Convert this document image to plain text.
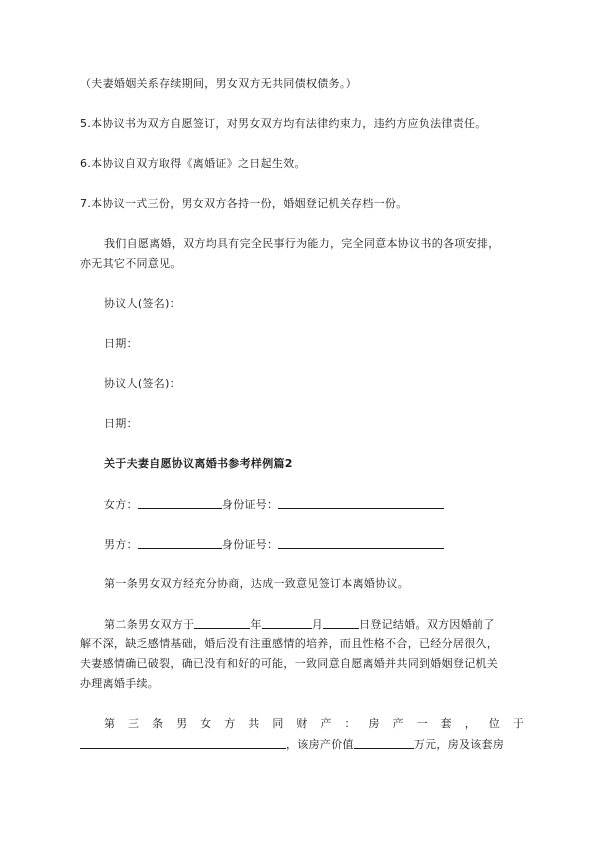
（夫妻婚姻关系存续期间，男女双方无共同债权债务。）

5.本协议书为双方自愿签订，对男女双方均有法律约束力，违约方应负法律责任。

6.本协议自双方取得《离婚证》之日起生效。

7.本协议一式三份，男女双方各持一份，婚姻登记机关存档一份。

我们自愿离婚，双方均具有完全民事行为能力，完全同意本协议书的各项安排，

亦无其它不同意见。

协议人(签名)：

日期：

协议人(签名)：

日期：

关于夫妻自愿协议离婚书参考样例篇2

女方：	身份证号：

男方：	身份证号：

第一条男女双方经充分协商，达成一致意见签订本离婚协议。

第二条男女双方于	年	月	日登记结婚。双方因婚前了

解不深，缺乏感情基础，婚后没有注重感情的培养，而且性格不合，已经分居很久，

夫妻感情确已破裂，确已没有和好的可能，一致同意自愿离婚并共同到婚姻登记机关

办理离婚手续。

第 三 条 男 女 方 共 同 财 产 ： 房 产 一 套 ， 位 于

，该房产价值	万元，房及该套房
